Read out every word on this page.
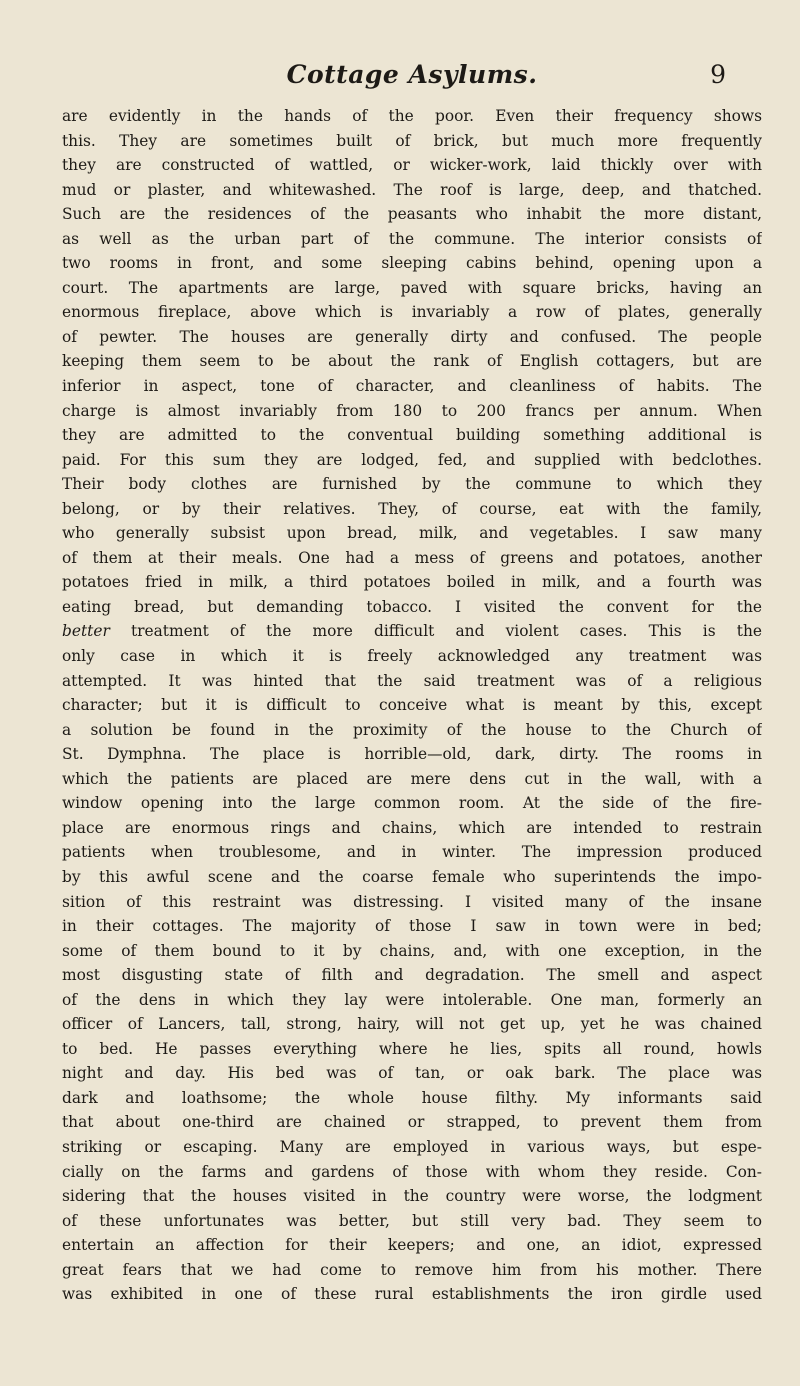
Cottage Asylums.	9
are evidently in the hands of the poor. Even their frequency shows
this. They are sometimes built of brick, but much more frequently
they are constructed of wattled, or wicker-work, laid thickly over with
mud or plaster, and whitewashed. The roof is large, deep, and thatched.
Such are the residences of the peasants who inhabit the more distant,
as well as the urban part of the commune. The interior consists of
two rooms in front, and some sleeping cabins behind, opening upon a
court. The apartments are large, paved with square bricks, having an
enormous fireplace, above which is invariably a row of plates, generally
of pewter. The houses are generally dirty and confused. The people
keeping them seem to be about the rank of English cottagers, but are
inferior in aspect, tone of character, and cleanliness of habits. The
charge is almost invariably from 180 to 200 francs per annum. When
they are admitted to the conventual building something additional is
paid. For this sum they are lodged, fed, and supplied with bedclothes.
Their body clothes are furnished by the commune to which they
belong, or by their relatives. They, of course, eat with the family,
who generally subsist upon bread, milk, and vegetables. I saw many
of them at their meals. One had a mess of greens and potatoes, another
potatoes fried in milk, a third potatoes boiled in milk, and a fourth was
eating bread, but demanding tobacco. I visited the convent for the
better treatment of the more difficult and violent cases. This is the
only case in which it is freely acknowledged any treatment was
attempted. It was hinted that the said treatment was of a religious
character; but it is difficult to conceive what is meant by this, except
a solution be found in the proximity of the house to the Church of
St. Dymphna. The place is horrible—old, dark, dirty. The rooms in
which the patients are placed are mere dens cut in the wall, with a
window opening into the large common room. At the side of the fire-
place are enormous rings and chains, which are intended to restrain
patients when troublesome, and in winter. The impression produced
by this awful scene and the coarse female who superintends the impo-
sition of this restraint was distressing. I visited many of the insane
in their cottages. The majority of those I saw in town were in bed;
some of them bound to it by chains, and, with one exception, in the
most disgusting state of filth and degradation. The smell and aspect
of the dens in which they lay were intolerable. One man, formerly an
officer of Lancers, tall, strong, hairy, will not get up, yet he was chained
to bed. He passes everything where he lies, spits all round, howls
night and day. His bed was of tan, or oak bark. The place was
dark and loathsome; the whole house filthy. My informants said
that about one-third are chained or strapped, to prevent them from
striking or escaping. Many are employed in various ways, but espe-
cially on the farms and gardens of those with whom they reside. Con-
sidering that the houses visited in the country were worse, the lodgment
of these unfortunates was better, but still very bad. They seem to
entertain an affection for their keepers; and one, an idiot, expressed
great fears that we had come to remove him from his mother. There
was exhibited in one of these rural establishments the iron girdle used
